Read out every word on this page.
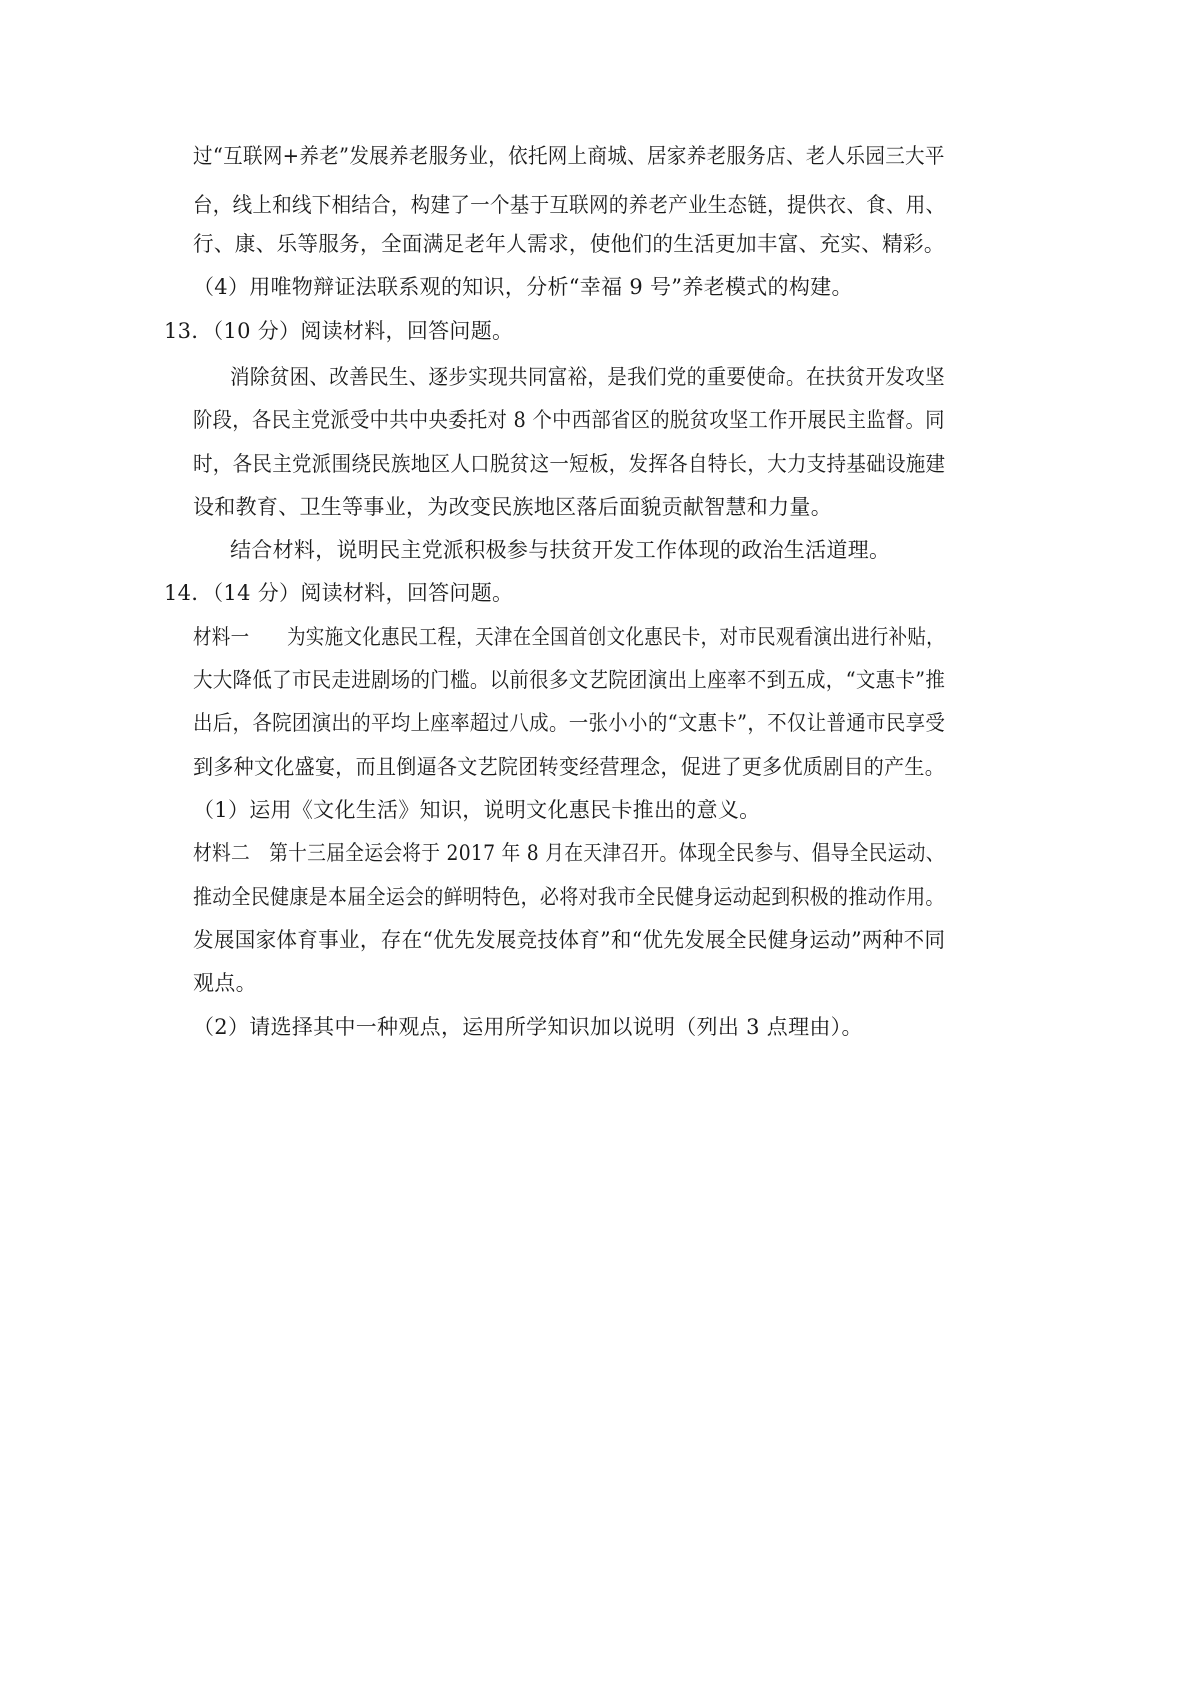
过“互联网+养老”发展养老服务业，依托网上商城、居家养老服务店、老人乐园三大平
台，线上和线下相结合，构建了一个基于互联网的养老产业生态链，提供衣、食、用、
行、康、乐等服务，全面满足老年人需求，使他们的生活更加丰富、充实、精彩。
（4）用唯物辩证法联系观的知识，分析“幸福 9 号”养老模式的构建。
13．（10 分）阅读材料，回答问题。
消除贫困、改善民生、逐步实现共同富裕，是我们党的重要使命。在扶贫开发攻坚
阶段，各民主党派受中共中央委托对 8 个中西部省区的脱贫攻坚工作开展民主监督。同
时，各民主党派围绕民族地区人口脱贫这一短板，发挥各自特长，大力支持基础设施建
设和教育、卫生等事业，为改变民族地区落后面貌贡献智慧和力量。
结合材料，说明民主党派积极参与扶贫开发工作体现的政治生活道理。
14．（14 分）阅读材料，回答问题。
材料一　　为实施文化惠民工程，天津在全国首创文化惠民卡，对市民观看演出进行补贴，
大大降低了市民走进剧场的门槛。以前很多文艺院团演出上座率不到五成，“文惠卡”推
出后，各院团演出的平均上座率超过八成。一张小小的“文惠卡”，不仅让普通市民享受
到多种文化盛宴，而且倒逼各文艺院团转变经营理念，促进了更多优质剧目的产生。
（1）运用《文化生活》知识，说明文化惠民卡推出的意义。
材料二　第十三届全运会将于 2017 年 8 月在天津召开。体现全民参与、倡导全民运动、
推动全民健康是本届全运会的鲜明特色，必将对我市全民健身运动起到积极的推动作用。
发展国家体育事业，存在“优先发展竞技体育”和“优先发展全民健身运动”两种不同
观点。
（2）请选择其中一种观点，运用所学知识加以说明（列出 3 点理由）。
